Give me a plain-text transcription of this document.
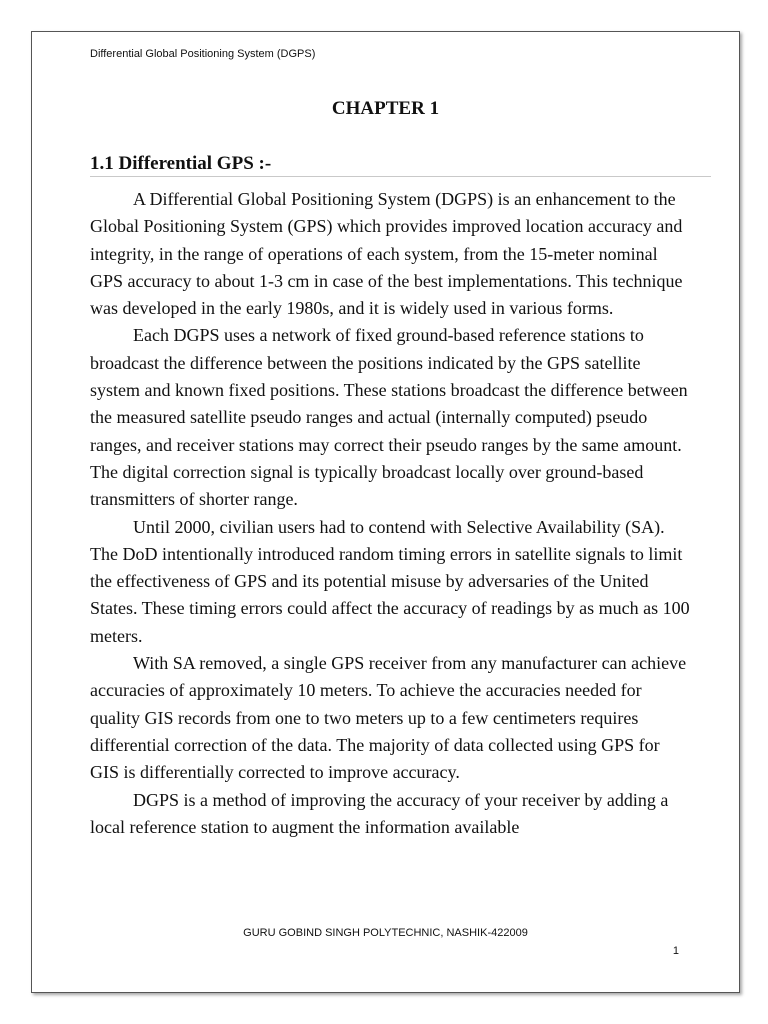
Differential Global Positioning System (DGPS)
CHAPTER 1
1.1 Differential GPS :-

A Differential Global Positioning System (DGPS) is an enhancement to the Global Positioning System (GPS) which provides improved location accuracy and integrity, in the range of operations of each system, from the 15-meter nominal GPS accuracy to about 1-3 cm in case of the best implementations. This technique was developed in the early 1980s, and it is widely used in various forms.

Each DGPS uses a network of fixed ground-based reference stations to broadcast the difference between the positions indicated by the GPS satellite system and known fixed positions. These stations broadcast the difference between the measured satellite pseudo ranges and actual (internally computed) pseudo ranges, and receiver stations may correct their pseudo ranges by the same amount. The digital correction signal is typically broadcast locally over ground-based transmitters of shorter range.

Until 2000, civilian users had to contend with Selective Availability (SA). The DoD intentionally introduced random timing errors in satellite signals to limit the effectiveness of GPS and its potential misuse by adversaries of the United States. These timing errors could affect the accuracy of readings by as much as 100 meters.

With SA removed, a single GPS receiver from any manufacturer can achieve accuracies of approximately 10 meters. To achieve the accuracies needed for quality GIS records from one to two meters up to a few centimeters requires differential correction of the data. The majority of data collected using GPS for GIS is differentially corrected to improve accuracy.

DGPS is a method of improving the accuracy of your receiver by adding a local reference station to augment the information available

GURU GOBIND SINGH POLYTECHNIC, NASHIK-422009
1
